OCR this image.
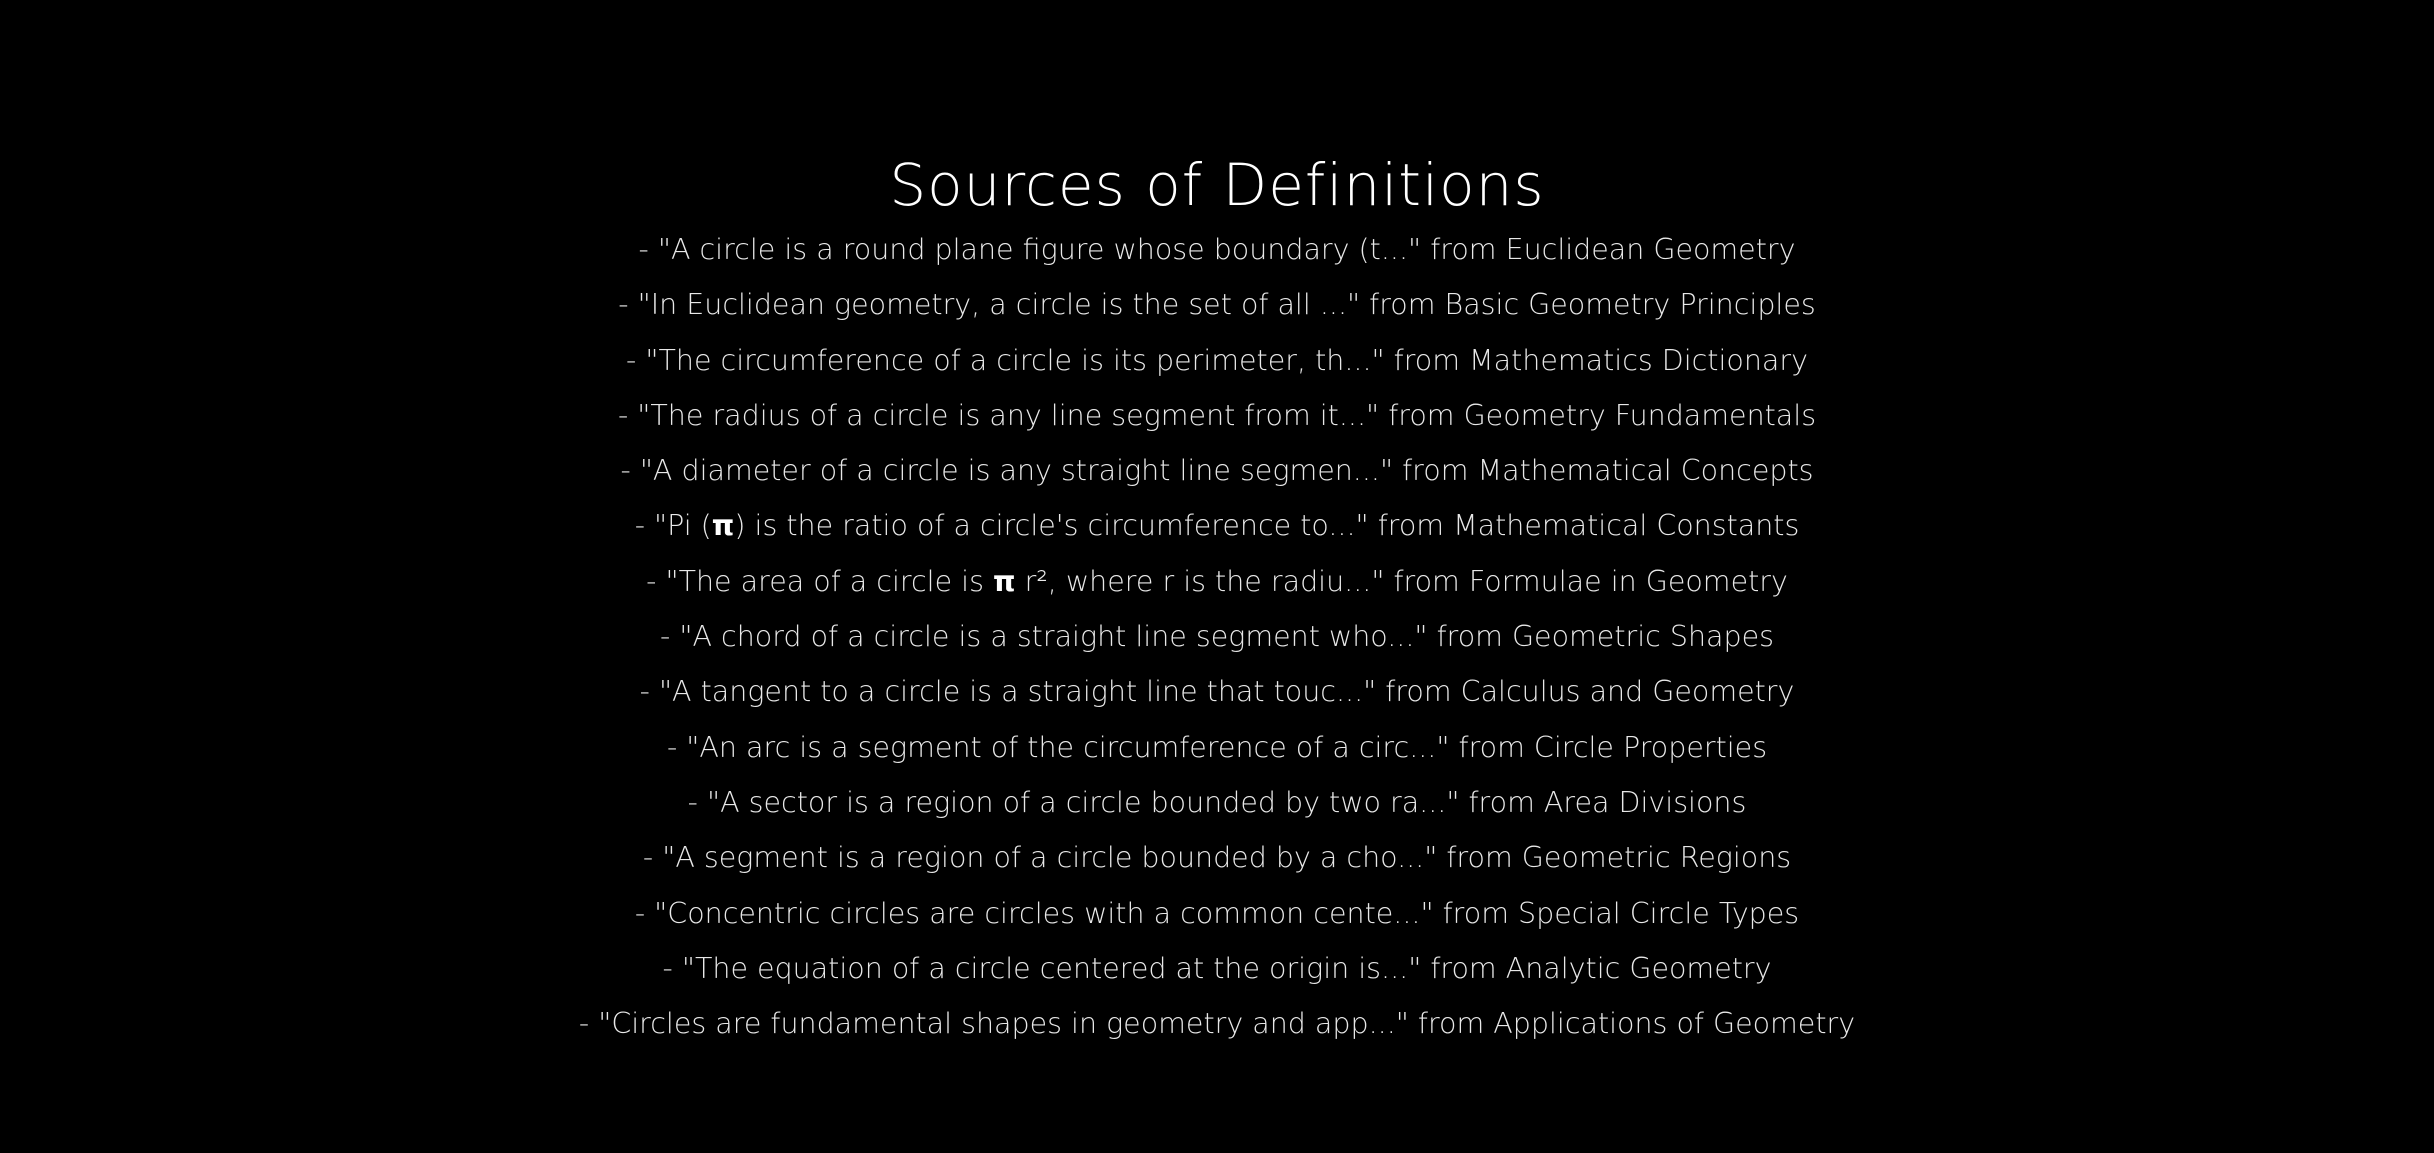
Sources of Definitions
- "A circle is a round plane figure whose boundary (t..." from Euclidean Geometry
- "In Euclidean geometry, a circle is the set of all ..." from Basic Geometry Principles
- "The circumference of a circle is its perimeter, th..." from Mathematics Dictionary
- "The radius of a circle is any line segment from it..." from Geometry Fundamentals
- "A diameter of a circle is any straight line segmen..." from Mathematical Concepts
- "Pi (π) is the ratio of a circle's circumference to..." from Mathematical Constants
- "The area of a circle is π r², where r is the radiu..." from Formulae in Geometry
- "A chord of a circle is a straight line segment who..." from Geometric Shapes
- "A tangent to a circle is a straight line that touc..." from Calculus and Geometry
- "An arc is a segment of the circumference of a circ..." from Circle Properties
- "A sector is a region of a circle bounded by two ra..." from Area Divisions
- "A segment is a region of a circle bounded by a cho..." from Geometric Regions
- "Concentric circles are circles with a common cente..." from Special Circle Types
- "The equation of a circle centered at the origin is..." from Analytic Geometry
- "Circles are fundamental shapes in geometry and app..." from Applications of Geometry
